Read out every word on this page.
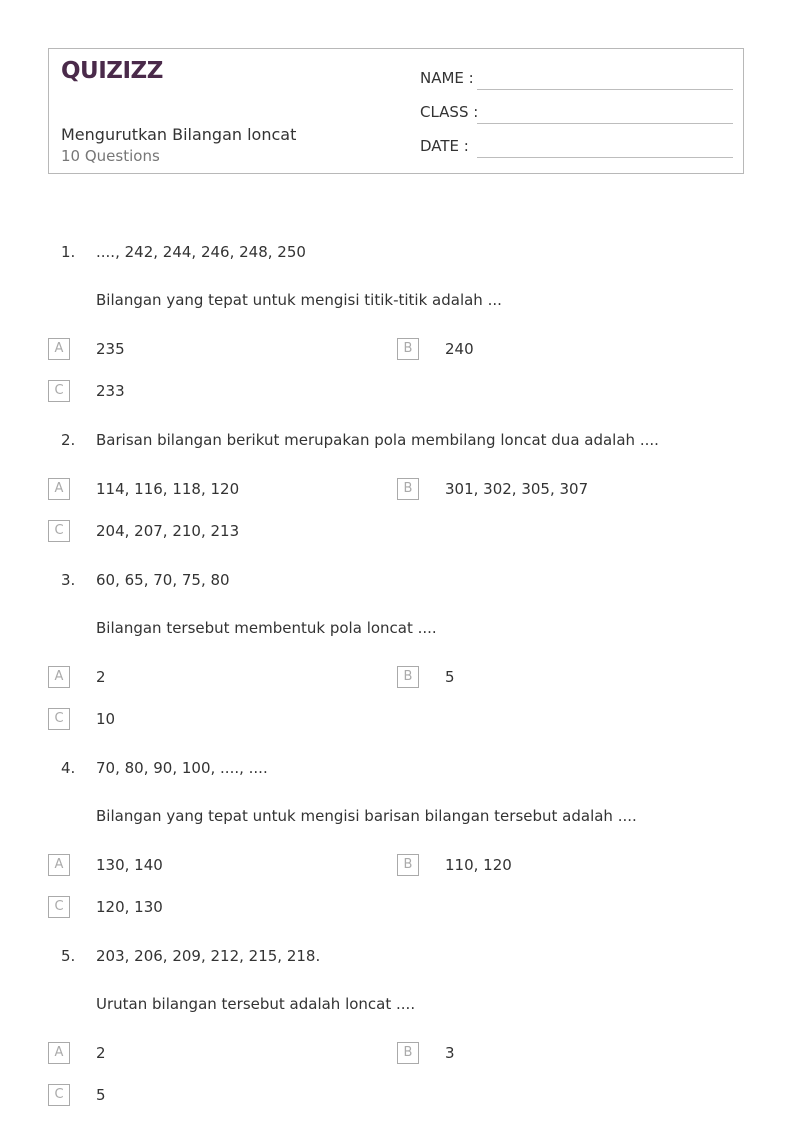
QUIZIZZ
Mengurutkan Bilangan loncat
10 Questions
NAME :
CLASS :
DATE :
1. ...., 242, 244, 246, 248, 250
Bilangan yang tepat untuk mengisi titik-titik adalah ...
A	235	B	240
C	233
2. Barisan bilangan berikut merupakan pola membilang loncat dua adalah ....
A	114, 116, 118, 120	B	301, 302, 305, 307
C	204, 207, 210, 213
3. 60, 65, 70, 75, 80
Bilangan tersebut membentuk pola loncat ....
A	2	B	5
C	10
4. 70, 80, 90, 100, ...., ....
Bilangan yang tepat untuk mengisi barisan bilangan tersebut adalah ....
A	130, 140	B	110, 120
C	120, 130
5. 203, 206, 209, 212, 215, 218.
Urutan bilangan tersebut adalah loncat ....
A	2	B	3
C	5
